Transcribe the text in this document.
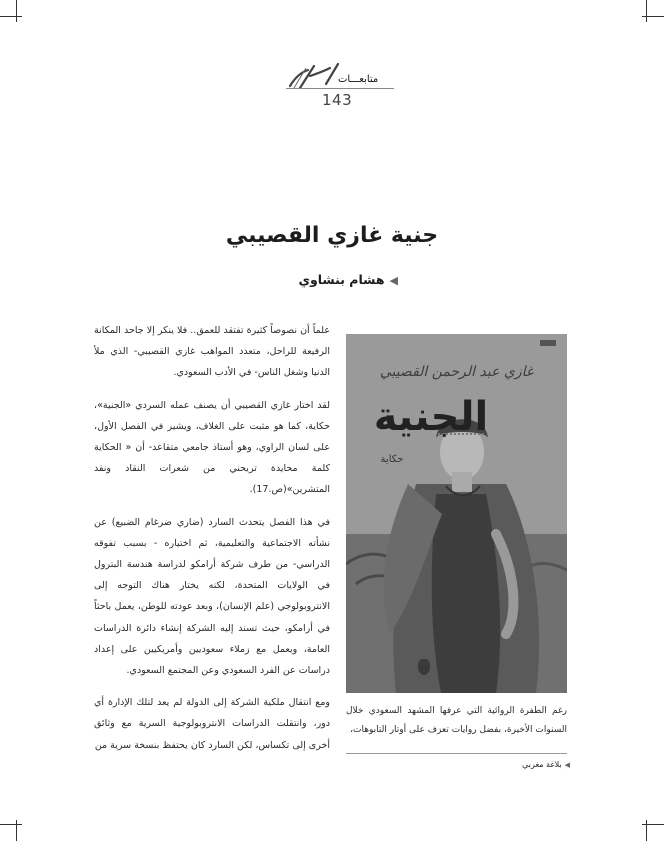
متابعـــات
143
جنية غازي القصيبي
◀هشام بنشاوي

علماً أن نصوصاً كثيرة تفتقد للعمق.. فلا ينكر إلا جاحد المكانة الرفيعة للراحل، متعدد المواهب غازي القصيبي- الذي ملأ الدنيا وشغل الناس- في الأدب السعودي.

لقد اختار غازي القصيبي أن يصنف عمله السردي «الجنية»، حكاية، كما هو مثبت على الغلاف، ويشير في الفصل الأول، على لسان الراوي، وهو أستاذ جامعي متقاعد- أن « الحكاية كلمة محايدة تريحني من شعرات النقاد ونقد المتشرين»(ص.17).

في هذا الفصل يتحدث السارد (ضاري ضرغام الضبيع) عن نشأته الاجتماعية والتعليمية، ثم اختياره - بسبب تفوقه الدراسي- من طرف شركة أرامكو لدراسة هندسة البترول في الولايات المتحدة، لكنه يختار هناك التوجه إلى الانتروبولوجي (علم الإنسان)، وبعد عودته للوطن، يعمل باحثاً في أرامكو، حيث تسند إليه الشركة إنشاء دائرة الدراسات العامة، ويعمل مع زملاء سعوديين وأمريكيين على إعداد دراسات عن الفرد السعودي وعن المجتمع السعودي.

ومع انتقال ملكية الشركة إلى الدولة لم يعد لتلك الإدارة أي دور، وانتقلت الدراسات الانتروبولوجية السرية مع وثائق أخرى إلى تكساس، لكن السارد كان يحتفظ بنسخة سرية من

غازي عبد الرحمن القصيبي
الجنية
حكاية
رغم الطفرة الروائية التي عرفها المشهد السعودي خلال السنوات الأخيرة، بفضل روايات تعزف على أوتار التابوهات،
◀بلاغة مغربي
